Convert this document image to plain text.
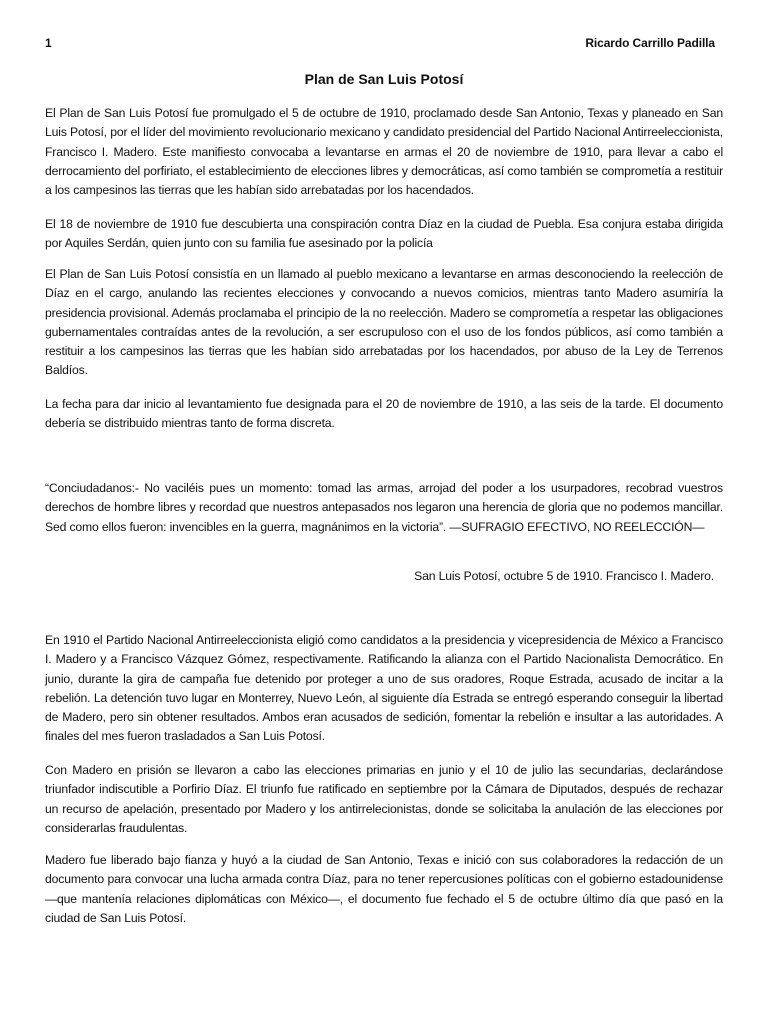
1	Ricardo Carrillo Padilla
Plan de San Luis Potosí

El Plan de San Luis Potosí fue promulgado el 5 de octubre de 1910, proclamado desde San Antonio, Texas y planeado en San Luis Potosí, por el líder del movimiento revolucionario mexicano y candidato presidencial del Partido Nacional Antirreeleccionista, Francisco I. Madero. Este manifiesto convocaba a levantarse en armas el 20 de noviembre de 1910, para llevar a cabo el derrocamiento del porfiriato, el establecimiento de elecciones libres y democráticas, así como también se comprometía a restituir a los campesinos las tierras que les habían sido arrebatadas por los hacendados.

El 18 de noviembre de 1910 fue descubierta una conspiración contra Díaz en la ciudad de Puebla. Esa conjura estaba dirigida por Aquiles Serdán, quien junto con su familia fue asesinado por la policía

El Plan de San Luis Potosí consistía en un llamado al pueblo mexicano a levantarse en armas desconociendo la reelección de Díaz en el cargo, anulando las recientes elecciones y convocando a nuevos comicios, mientras tanto Madero asumiría la presidencia provisional. Además proclamaba el principio de la no reelección. Madero se comprometía a respetar las obligaciones gubernamentales contraídas antes de la revolución, a ser escrupuloso con el uso de los fondos públicos, así como también a restituir a los campesinos las tierras que les habían sido arrebatadas por los hacendados, por abuso de la Ley de Terrenos Baldíos.

La fecha para dar inicio al levantamiento fue designada para el 20 de noviembre de 1910, a las seis de la tarde. El documento debería se distribuido mientras tanto de forma discreta.

“Conciudadanos:- No vaciléis pues un momento: tomad las armas, arrojad del poder a los usurpadores, recobrad vuestros derechos de hombre libres y recordad que nuestros antepasados nos legaron una herencia de gloria que no podemos mancillar. Sed como ellos fueron: invencibles en la guerra, magnánimos en la victoria”. —SUFRAGIO EFECTIVO, NO REELECCIÓN—

San Luis Potosí, octubre 5 de 1910. Francisco I. Madero.

En 1910 el Partido Nacional Antirreeleccionista eligió como candidatos a la presidencia y vicepresidencia de México a Francisco I. Madero y a Francisco Vázquez Gómez, respectivamente. Ratificando la alianza con el Partido Nacionalista Democrático. En junio, durante la gira de campaña fue detenido por proteger a uno de sus oradores, Roque Estrada, acusado de incitar a la rebelión. La detención tuvo lugar en Monterrey, Nuevo León, al siguiente día Estrada se entregó esperando conseguir la libertad de Madero, pero sin obtener resultados. Ambos eran acusados de sedición, fomentar la rebelión e insultar a las autoridades. A finales del mes fueron trasladados a San Luis Potosí.

Con Madero en prisión se llevaron a cabo las elecciones primarias en junio y el 10 de julio las secundarias, declarándose triunfador indiscutible a Porfirio Díaz. El triunfo fue ratificado en septiembre por la Cámara de Diputados, después de rechazar un recurso de apelación, presentado por Madero y los antirrelecionistas, donde se solicitaba la anulación de las elecciones por considerarlas fraudulentas.

Madero fue liberado bajo fianza y huyó a la ciudad de San Antonio, Texas e inició con sus colaboradores la redacción de un documento para convocar una lucha armada contra Díaz, para no tener repercusiones políticas con el gobierno estadounidense —que mantenía relaciones diplomáticas con México—, el documento fue fechado el 5 de octubre último día que pasó en la ciudad de San Luis Potosí.
